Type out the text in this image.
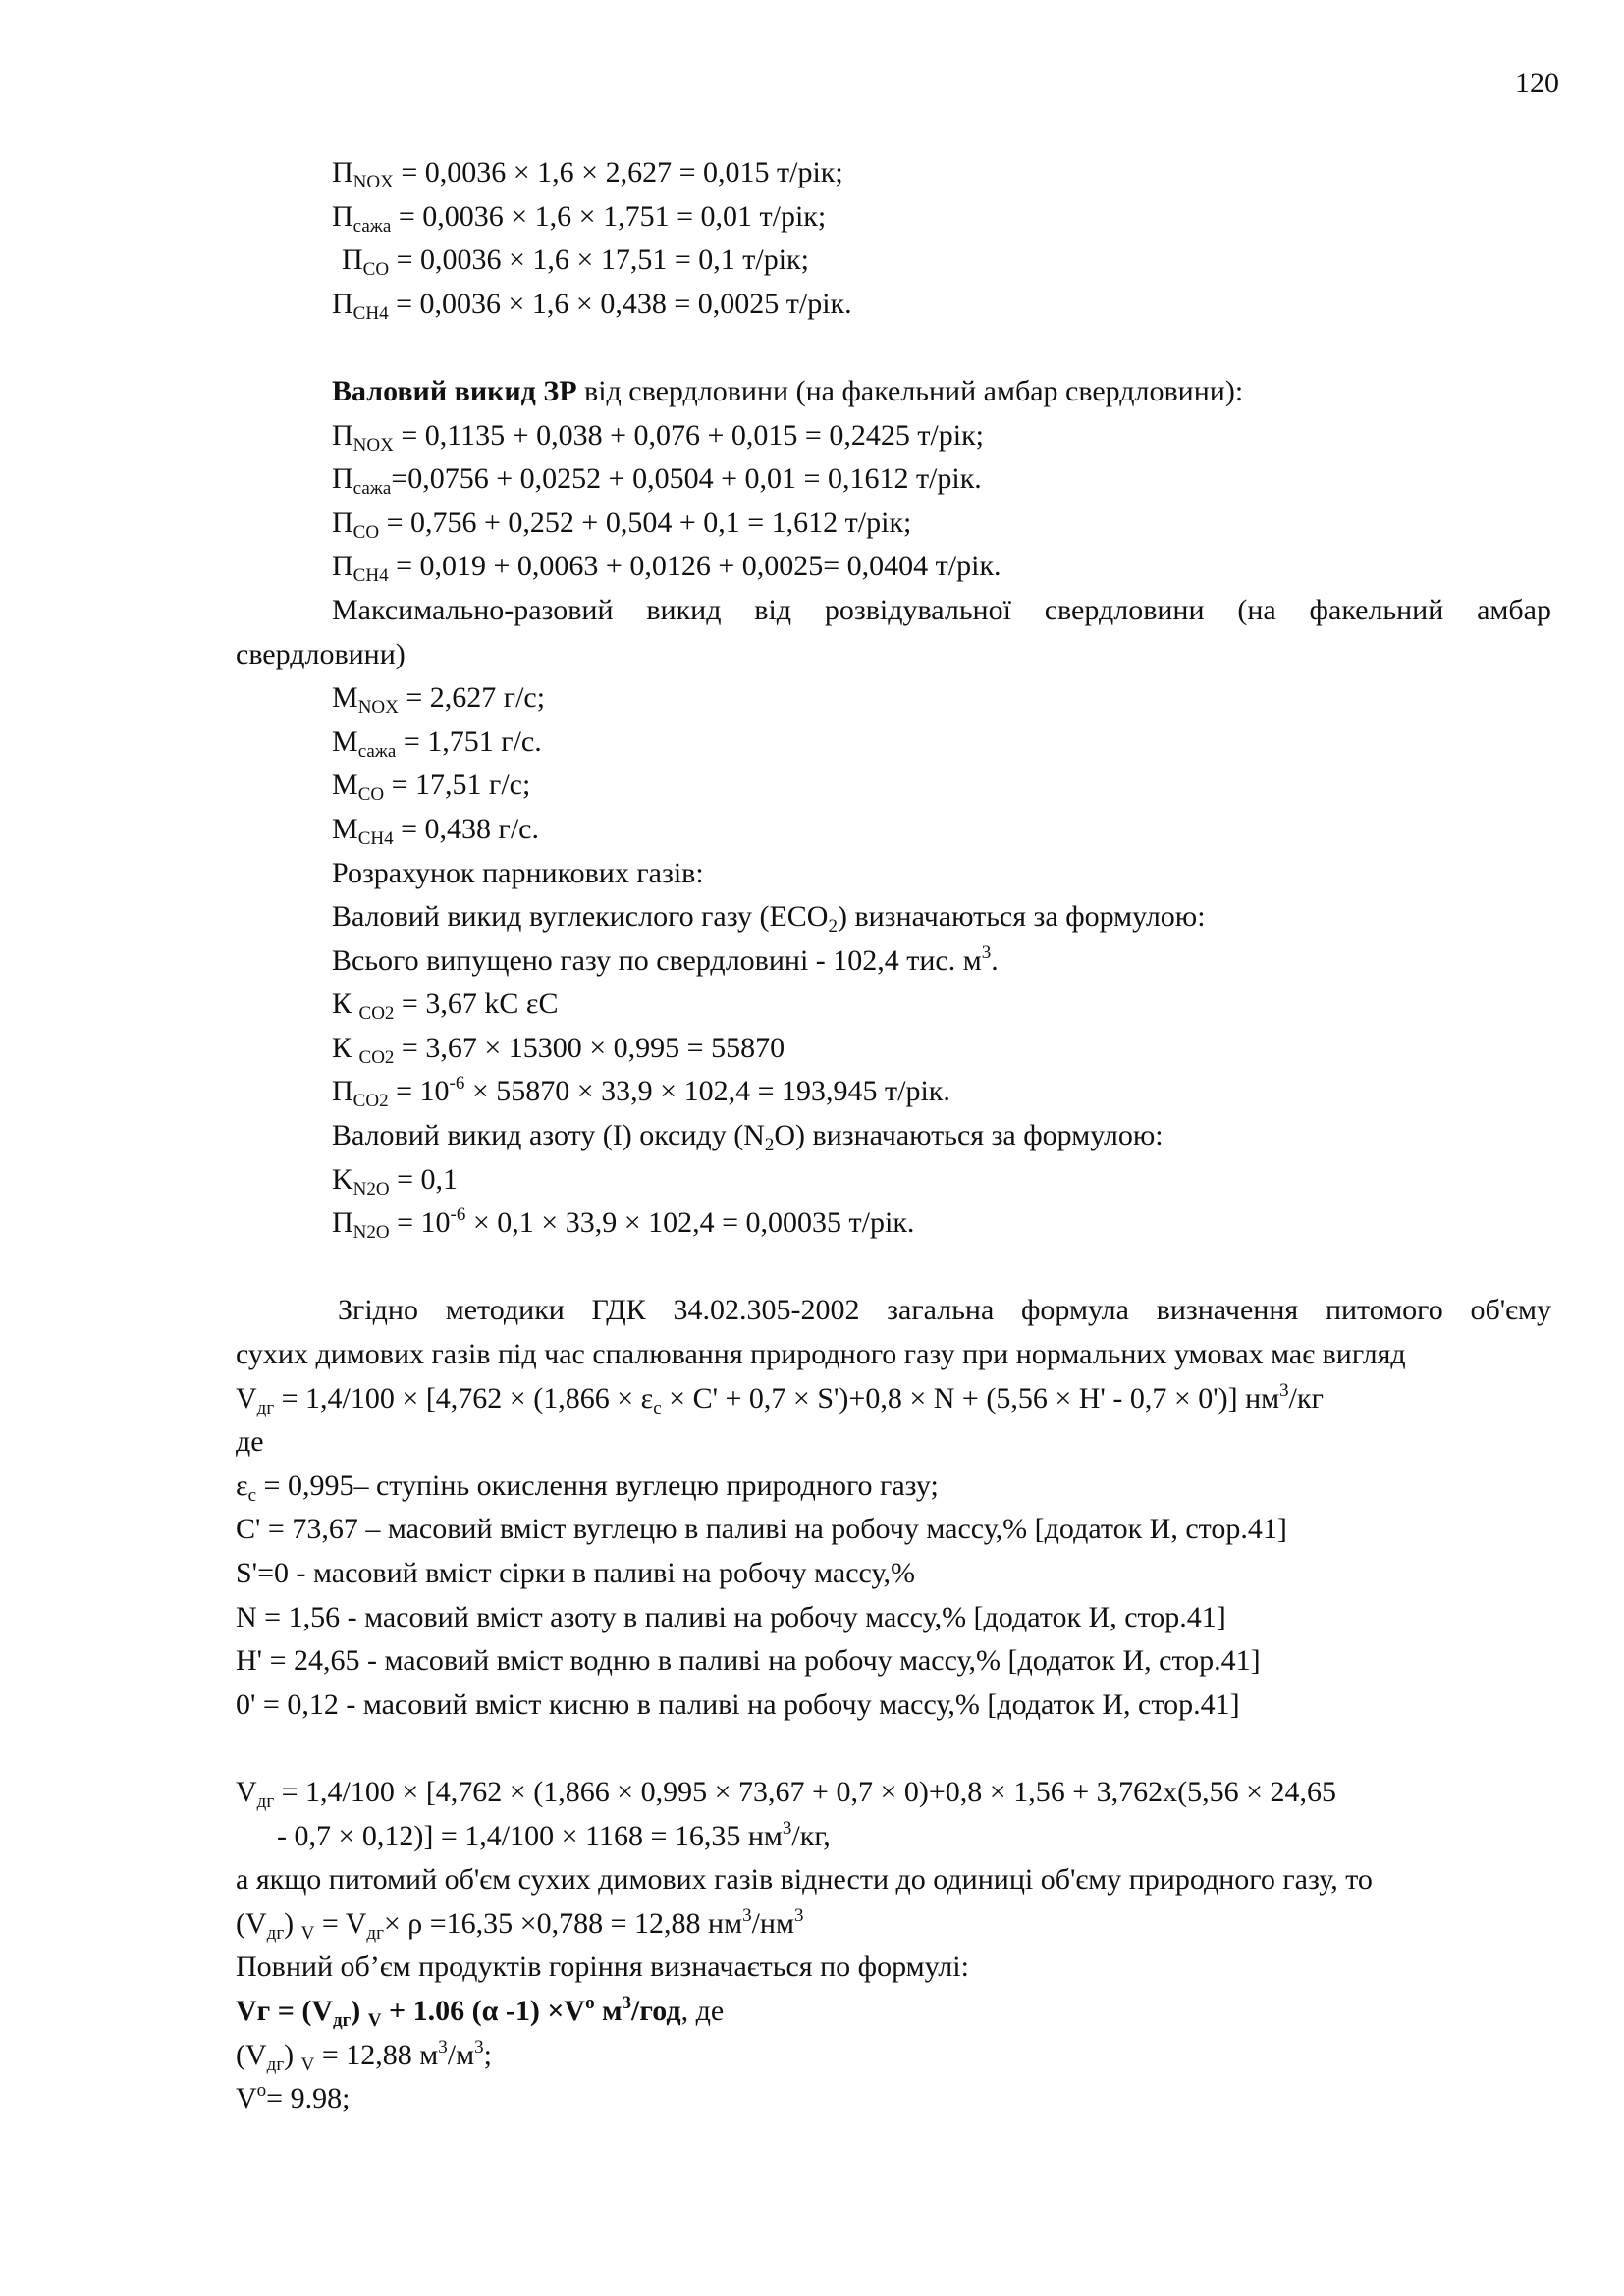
120
$П_{NOX} = 0,0036 \times 1,6 \times 2,627 = 0,015$ т/рік;
$П_{сажа} = 0,0036 \times 1,6 \times 1,751 = 0,01$ т/рік;
$П_{CO} = 0,0036 \times 1,6 \times 17,51 = 0,1$ т/рік;
$П_{CH4} = 0,0036 \times 1,6 \times 0,438 = 0,0025$ т/рік.
Валовий викид ЗР від свердловини (на факельний амбар свердловини):
$П_{NOX} = 0,1135 + 0,038 + 0,076 + 0,015 = 0,2425$ т/рік;
$П_{сажа}=0,0756 + 0,0252 + 0,0504 + 0,01 = 0,1612$ т/рік.
$П_{CO} = 0,756 + 0,252 + 0,504 + 0,1 = 1,612$ т/рік;
$П_{CH4} = 0,019 + 0,0063 + 0,0126 + 0,0025= 0,0404$ т/рік.
Максимально-разовий викид від розвідувальної свердловини (на факельний амбар
свердловини)
$М_{NOX} = 2,627$ г/с;
$М_{сажа} = 1,751$ г/с.
$М_{CO} = 17,51$ г/с;
$М_{CH4} = 0,438$ г/с.
Розрахунок парникових газів:
Валовий викид вуглекислого газу $(ЕСО_2)$ визначаються за формулою:
Всього випущено газу по свердловині - 102,4 тис. $м^3$.
К $_{CO2}$ = 3,67 kC εC
К $_{CO2}$ = 3,67 × 15300 × 0,995 = 55870
$П_{CO2} = 10^{-6} \times 55870 \times 33,9 \times 102,4 = 193,945$ т/рік.
Валовий викид азоту (I) оксиду $(N_2O)$ визначаються за формулою:
$K_{N2O} = 0,1$
$П_{N2O} = 10^{-6} \times 0,1 \times 33,9 \times 102,4 = 0,00035$ т/рік.
Згідно методики ГДК 34.02.305-2002 загальна формула визначення питомого об'єму
сухих димових газів під час спалювання природного газу при нормальних умовах має вигляд
$V_{дг} = 1,4/100 \times [4,762 \times (1,866 \times \varepsilon_с \times C' + 0,7 \times S')+0,8 \times N + (5,56 \times H' - 0,7 \times 0')]$ $нм^3/кг$
де
$\varepsilon_с = 0,995-$ ступінь окислення вуглецю природного газу;
C' = 73,67 – масовий вміст вуглецю в паливі на робочу массу,% [додаток И, стор.41]
S'=0 - масовий вміст сірки в паливі на робочу массу,%
N = 1,56 - масовий вміст азоту в паливі на робочу массу,% [додаток И, стор.41]
H' = 24,65 - масовий вміст водню в паливі на робочу массу,% [додаток И, стор.41]
0' = 0,12 - масовий вміст кисню в паливі на робочу массу,% [додаток И, стор.41]
$V_{дг} = 1,4/100 \times [4,762 \times (1,866 \times 0,995 \times 73,67 + 0,7 \times 0)+0,8 \times 1,56 + 3,762x(5,56 \times 24,65$
- 0,7 × 0,12)] = 1,4/100 × 1168 = 16,35 $нм^3/кг$,
а якщо питомий об'єм сухих димових газів віднести до одиниці об'єму природного газу, то
$(V_{дг}) _V = V_{дг}\times \rho =16,35 \times 0,788 = 12,88$ $нм^3/нм^3$
Повний об’єм продуктів горіння визначається по формулі:
Vг = $(V_{дг}) _V + 1.06$ (α $-1) \times V^o$ $м^3$/год, де
$(V_{дг}) _V = 12,88$ $м^3/м^3$;
$V^o= 9.98$;
